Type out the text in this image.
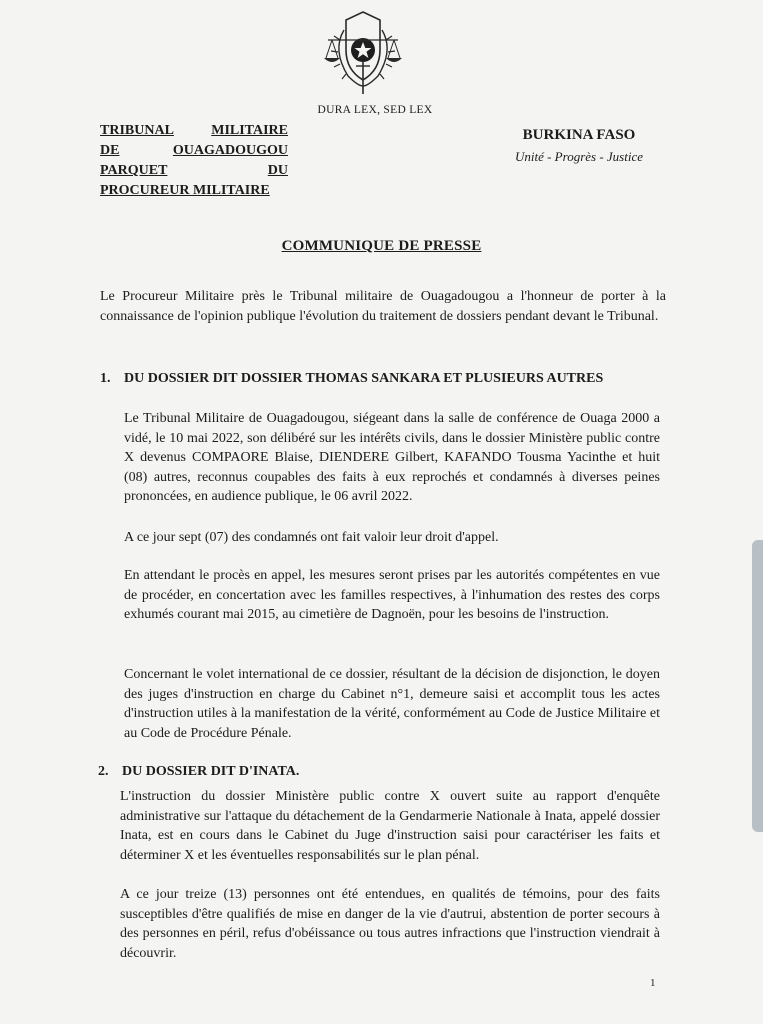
DURA LEX, SED LEX
TRIBUNAL	MILITAIRE
DE	OUAGADOUGOU
PARQUET	DU
PROCUREUR MILITAIRE
BURKINA FASO
Unité - Progrès - Justice
COMMUNIQUE DE PRESSE
Le Procureur Militaire près le Tribunal militaire de Ouagadougou a l'honneur de porter à la connaissance de l'opinion publique l'évolution du traitement de dossiers pendant devant le Tribunal.
1. DU DOSSIER DIT DOSSIER THOMAS SANKARA ET PLUSIEURS AUTRES
Le Tribunal Militaire de Ouagadougou, siégeant dans la salle de conférence de Ouaga 2000 a vidé, le 10 mai 2022, son délibéré sur les intérêts civils, dans le dossier Ministère public contre X devenus COMPAORE Blaise, DIENDERE Gilbert, KAFANDO Tousma Yacinthe et huit (08) autres, reconnus coupables des faits à eux reprochés et condamnés à diverses peines prononcées, en audience publique, le 06 avril 2022.
A ce jour sept (07) des condamnés ont fait valoir leur droit d'appel.
En attendant le procès en appel, les mesures seront prises par les autorités compétentes en vue de procéder, en concertation avec les familles respectives, à l'inhumation des restes des corps exhumés courant mai 2015, au cimetière de Dagnoën, pour les besoins de l'instruction.
Concernant le volet international de ce dossier, résultant de la décision de disjonction, le doyen des juges d'instruction en charge du Cabinet n°1, demeure saisi et accomplit tous les actes d'instruction utiles à la manifestation de la vérité, conformément au Code de Justice Militaire et au Code de Procédure Pénale.
2. DU DOSSIER DIT D'INATA.
L'instruction du dossier Ministère public contre X ouvert suite au rapport d'enquête administrative sur l'attaque du détachement de la Gendarmerie Nationale à Inata, appelé dossier Inata, est en cours dans le Cabinet du Juge d'instruction saisi pour caractériser les faits et déterminer X et les éventuelles responsabilités sur le plan pénal.
A ce jour treize (13) personnes ont été entendues, en qualités de témoins, pour des faits susceptibles d'être qualifiés de mise en danger de la vie d'autrui, abstention de porter secours à des personnes en péril, refus d'obéissance ou tous autres infractions que l'instruction viendrait à découvrir.
1
